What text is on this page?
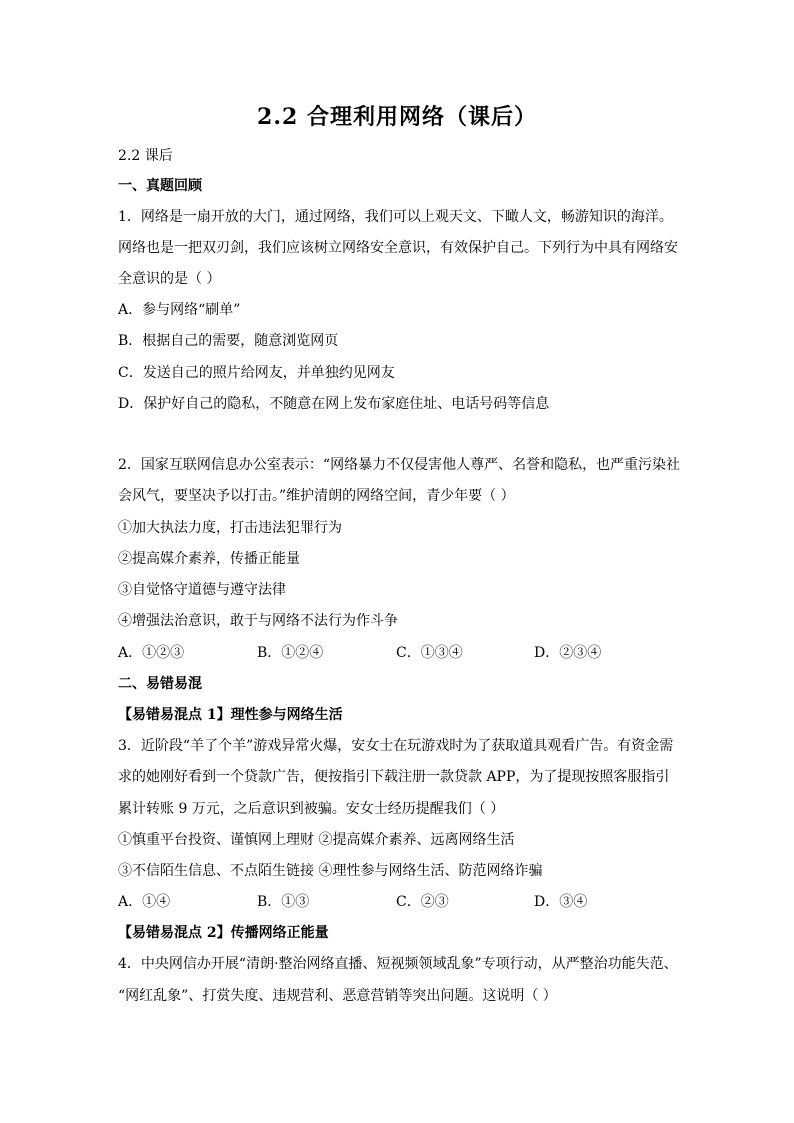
2.2 合理利用网络（课后）
2.2 课后
一、真题回顾
1．网络是一扇开放的大门，通过网络，我们可以上观天文、下瞰人文，畅游知识的海洋。
网络也是一把双刃剑，我们应该树立网络安全意识，有效保护自己。下列行为中具有网络安
全意识的是（ ）
A．参与网络“刷单”
B．根据自己的需要，随意浏览网页
C．发送自己的照片给网友，并单独约见网友
D．保护好自己的隐私，不随意在网上发布家庭住址、电话号码等信息
2．国家互联网信息办公室表示：“网络暴力不仅侵害他人尊严、名誉和隐私，也严重污染社
会风气，要坚决予以打击。”维护清朗的网络空间，青少年要（ ）
①加大执法力度，打击违法犯罪行为
②提高媒介素养，传播正能量
③自觉恪守道德与遵守法律
④增强法治意识，敢于与网络不法行为作斗争
A．①②③	B．①②④	C．①③④	D．②③④
二、易错易混
【易错易混点 1】理性参与网络生活
3．近阶段“羊了个羊”游戏异常火爆，安女士在玩游戏时为了获取道具观看广告。有资金需
求的她刚好看到一个贷款广告，便按指引下载注册一款贷款 APP，为了提现按照客服指引
累计转账 9 万元，之后意识到被骗。安女士经历提醒我们（ ）
①慎重平台投资、谨慎网上理财 ②提高媒介素养、远离网络生活
③不信陌生信息、不点陌生链接 ④理性参与网络生活、防范网络诈骗
A．①④	B．①③	C．②③	D．③④
【易错易混点 2】传播网络正能量
4．中央网信办开展“清朗·整治网络直播、短视频领域乱象”专项行动，从严整治功能失范、
“网红乱象”、打赏失度、违规营利、恶意营销等突出问题。这说明（ ）
